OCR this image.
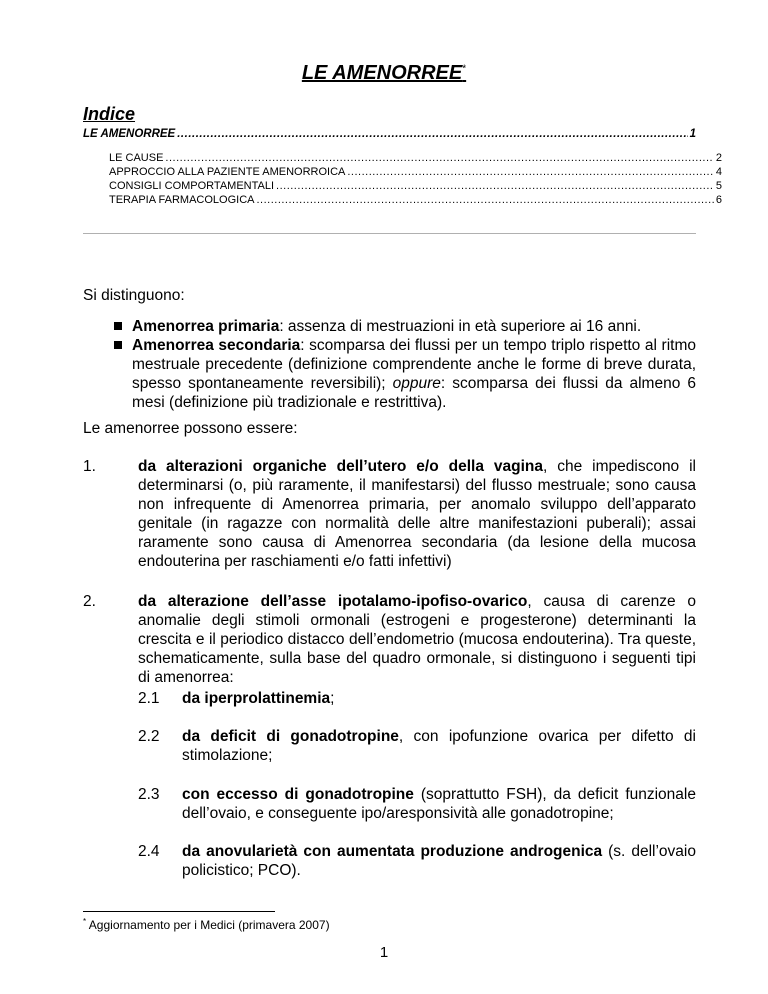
LE AMENORREE*
Indice
LE AMENORREE .....	1
LE CAUSE .....	2
APPROCCIO ALLA PAZIENTE AMENORROICA .....	4
CONSIGLI COMPORTAMENTALI .....	5
TERAPIA FARMACOLOGICA .....	6
Si distinguono:
Amenorrea primaria: assenza di mestruazioni in età superiore ai 16 anni.
Amenorrea secondaria: scomparsa dei flussi per un tempo triplo rispetto al ritmo mestruale precedente (definizione comprendente anche le forme di breve durata, spesso spontaneamente reversibili); oppure: scomparsa dei flussi da almeno 6 mesi (definizione più tradizionale e restrittiva).
Le amenorree possono essere:
1.	da alterazioni organiche dell’utero e/o della vagina, che impediscono il determinarsi (o, più raramente, il manifestarsi) del flusso mestruale; sono causa non infrequente di Amenorrea primaria, per anomalo sviluppo dell’apparato genitale (in ragazze con normalità delle altre manifestazioni puberali); assai raramente sono causa di Amenorrea secondaria (da lesione della mucosa endouterina per raschiamenti e/o fatti infettivi)
2.	da alterazione dell’asse ipotalamo-ipofiso-ovarico, causa di carenze o anomalie degli stimoli ormonali (estrogeni e progesterone) determinanti la crescita e il periodico distacco dell’endometrio (mucosa endouterina). Tra queste, schematicamente, sulla base del quadro ormonale, si distinguono i seguenti tipi di amenorrea:
2.1 da iperprolattinemia;
2.2 da deficit di gonadotropine, con ipofunzione ovarica per difetto di stimolazione;
2.3 con eccesso di gonadotropine (soprattutto FSH), da deficit funzionale dell’ovaio, e conseguente ipo/aresponsività alle gonadotropine;
2.4 da anovularietà con aumentata produzione androgenica (s. dell’ovaio policistico; PCO).
* Aggiornamento per i Medici (primavera 2007)
1
